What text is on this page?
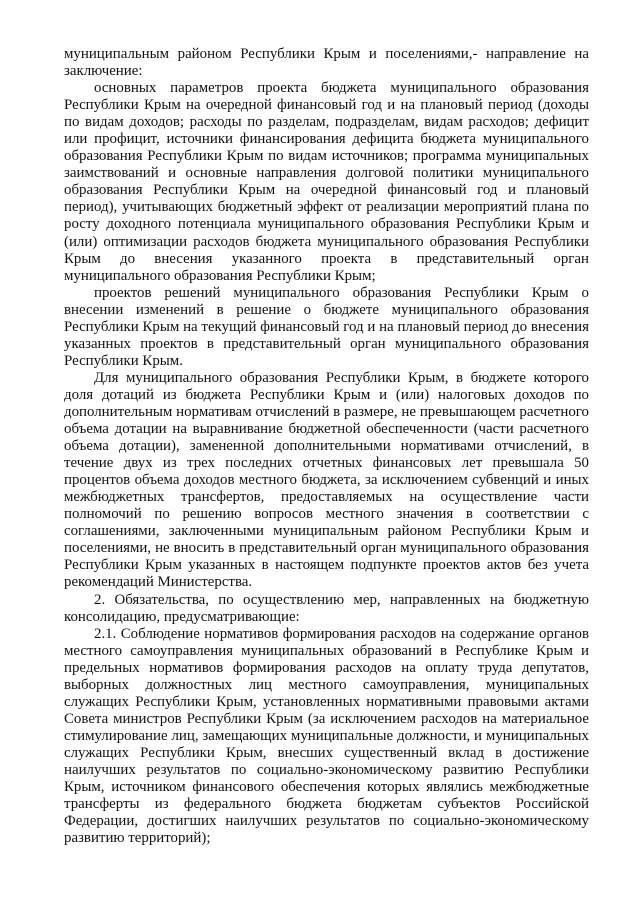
муниципальным районом Республики Крым и поселениями,- направление на заключение:

основных параметров проекта бюджета муниципального образования Республики Крым на очередной финансовый год и на плановый период (доходы по видам доходов; расходы по разделам, подразделам, видам расходов; дефицит или профицит, источники финансирования дефицита бюджета муниципального образования Республики Крым по видам источников; программа муниципальных заимствований и основные направления долговой политики муниципального образования Республики Крым на очередной финансовый год и плановый период), учитывающих бюджетный эффект от реализации мероприятий плана по росту доходного потенциала муниципального образования Республики Крым и (или) оптимизации расходов бюджета муниципального образования Республики Крым до внесения указанного проекта в представительный орган муниципального образования Республики Крым;

проектов решений муниципального образования Республики Крым о внесении изменений в решение о бюджете муниципального образования Республики Крым на текущий финансовый год и на плановый период до внесения указанных проектов в представительный орган муниципального образования Республики Крым.

Для муниципального образования Республики Крым, в бюджете которого доля дотаций из бюджета Республики Крым и (или) налоговых доходов по дополнительным нормативам отчислений в размере, не превышающем расчетного объема дотации на выравнивание бюджетной обеспеченности (части расчетного объема дотации), замененной дополнительными нормативами отчислений, в течение двух из трех последних отчетных финансовых лет превышала 50 процентов объема доходов местного бюджета, за исключением субвенций и иных межбюджетных трансфертов, предоставляемых на осуществление части полномочий по решению вопросов местного значения в соответствии с соглашениями, заключенными муниципальным районом Республики Крым и поселениями, не вносить в представительный орган муниципального образования Республики Крым указанных в настоящем подпункте проектов актов без учета рекомендаций Министерства.

2. Обязательства, по осуществлению мер, направленных на бюджетную консолидацию, предусматривающие:

2.1. Соблюдение нормативов формирования расходов на содержание органов местного самоуправления муниципальных образований в Республике Крым и предельных нормативов формирования расходов на оплату труда депутатов, выборных должностных лиц местного самоуправления, муниципальных служащих Республики Крым, установленных нормативными правовыми актами Совета министров Республики Крым (за исключением расходов на материальное стимулирование лиц, замещающих муниципальные должности, и муниципальных служащих Республики Крым, внесших существенный вклад в достижение наилучших результатов по социально-экономическому развитию Республики Крым, источником финансового обеспечения которых являлись межбюджетные трансферты из федерального бюджета бюджетам субъектов Российской Федерации, достигших наилучших результатов по социально-экономическому развитию территорий);
